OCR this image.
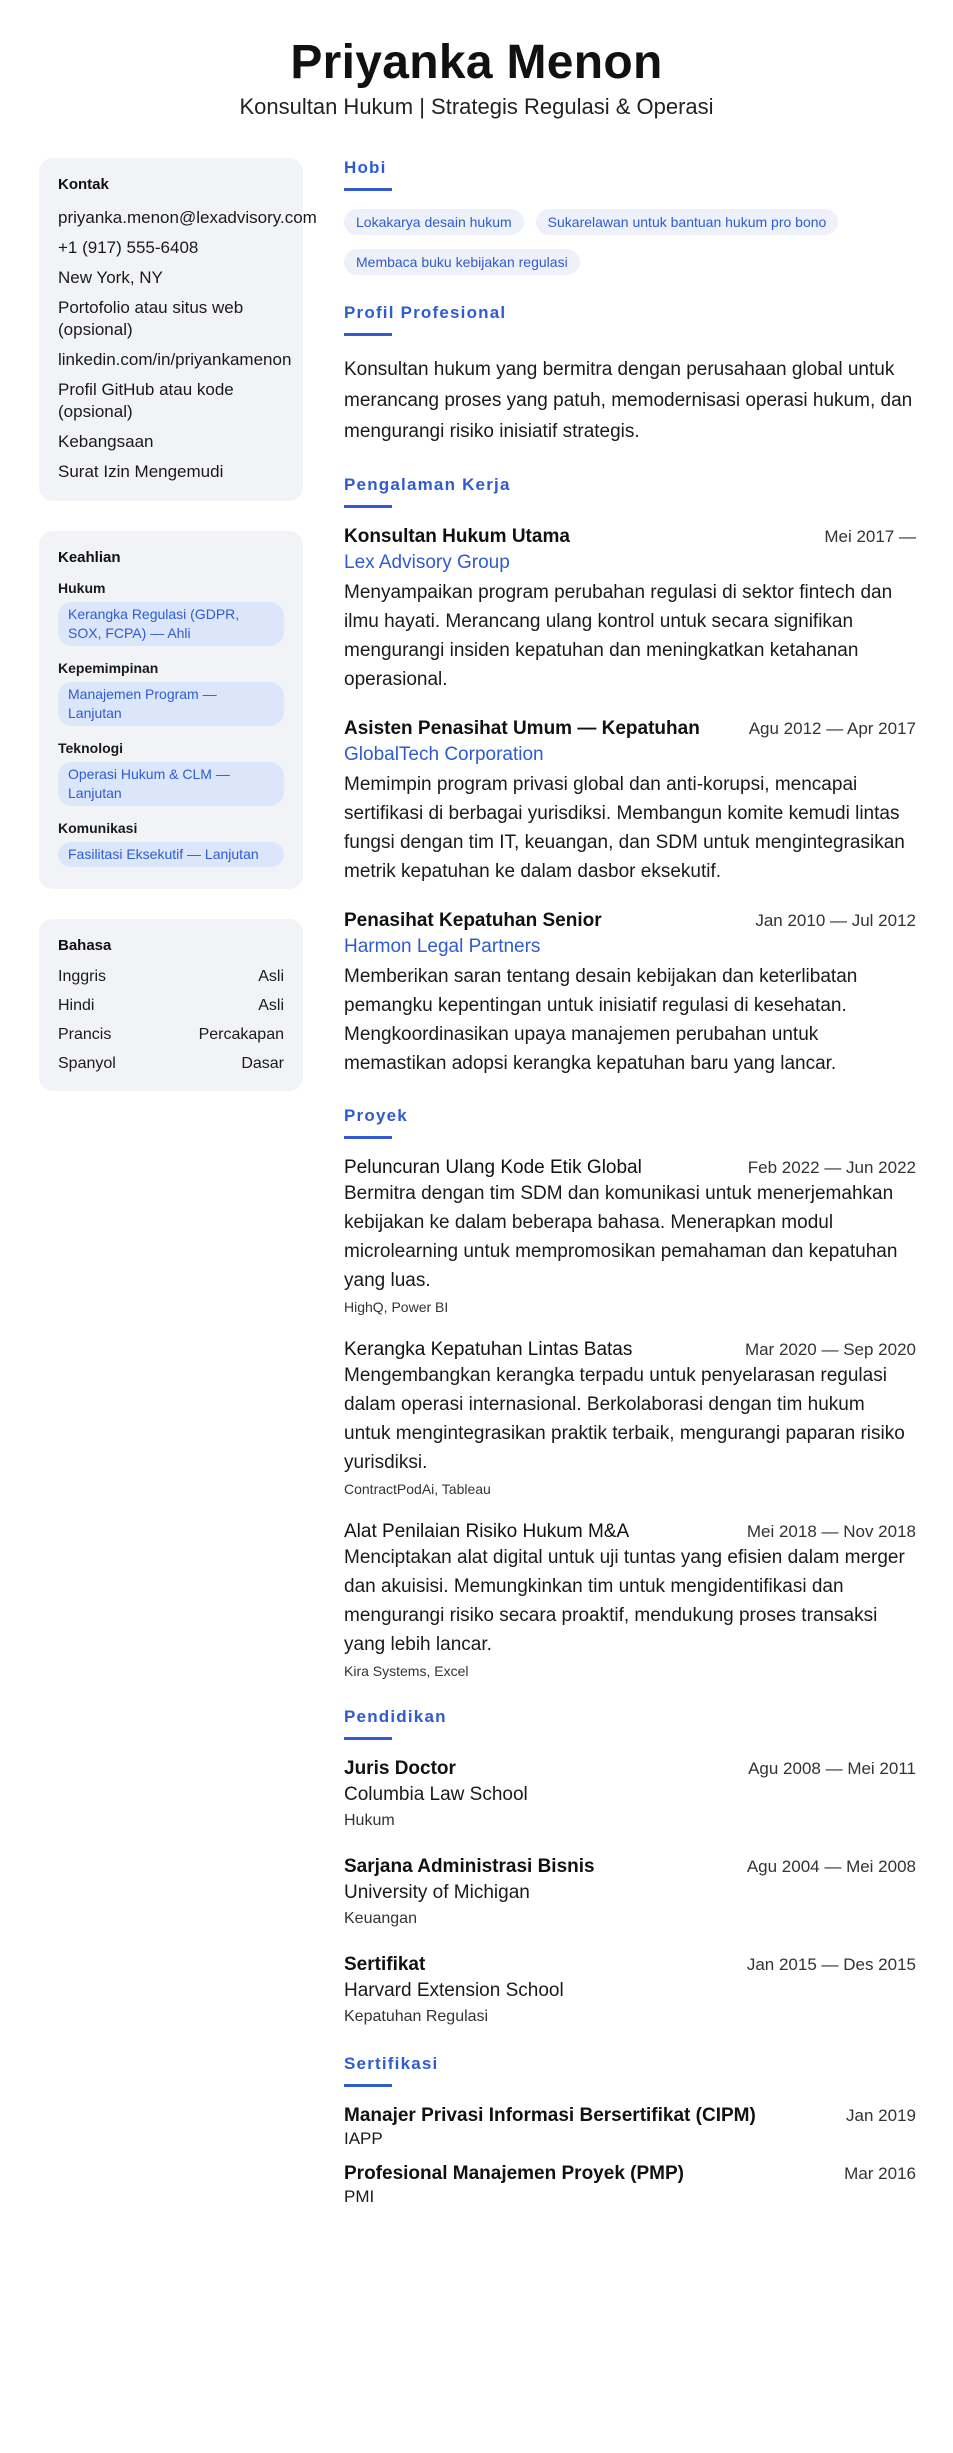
Priyanka Menon
Konsultan Hukum | Strategis Regulasi & Operasi
Kontak
priyanka.menon@lexadvisory.com
+1 (917) 555-6408
New York, NY
Portofolio atau situs web (opsional)
linkedin.com/in/priyankamenon
Profil GitHub atau kode (opsional)
Kebangsaan
Surat Izin Mengemudi
Keahlian
Hukum
Kerangka Regulasi (GDPR, SOX, FCPA) — Ahli
Kepemimpinan
Manajemen Program — Lanjutan
Teknologi
Operasi Hukum & CLM — Lanjutan
Komunikasi
Fasilitasi Eksekutif — Lanjutan
Bahasa
Inggris	Asli
Hindi	Asli
Prancis	Percakapan
Spanyol	Dasar
Hobi
Lokakarya desain hukum	Sukarelawan untuk bantuan hukum pro bono
Membaca buku kebijakan regulasi
Profil Profesional

Konsultan hukum yang bermitra dengan perusahaan global untuk merancang proses yang patuh, memodernisasi operasi hukum, dan mengurangi risiko inisiatif strategis.

Pengalaman Kerja
Konsultan Hukum Utama	Mei 2017 —
Lex Advisory Group

Menyampaikan program perubahan regulasi di sektor fintech dan ilmu hayati. Merancang ulang kontrol untuk secara signifikan mengurangi insiden kepatuhan dan meningkatkan ketahanan operasional.

Asisten Penasihat Umum — Kepatuhan	Agu 2012 — Apr 2017
GlobalTech Corporation

Memimpin program privasi global dan anti-korupsi, mencapai sertifikasi di berbagai yurisdiksi. Membangun komite kemudi lintas fungsi dengan tim IT, keuangan, dan SDM untuk mengintegrasikan metrik kepatuhan ke dalam dasbor eksekutif.

Penasihat Kepatuhan Senior	Jan 2010 — Jul 2012
Harmon Legal Partners

Memberikan saran tentang desain kebijakan dan keterlibatan pemangku kepentingan untuk inisiatif regulasi di kesehatan. Mengkoordinasikan upaya manajemen perubahan untuk memastikan adopsi kerangka kepatuhan baru yang lancar.

Proyek
Peluncuran Ulang Kode Etik Global	Feb 2022 — Jun 2022

Bermitra dengan tim SDM dan komunikasi untuk menerjemahkan kebijakan ke dalam beberapa bahasa. Menerapkan modul microlearning untuk mempromosikan pemahaman dan kepatuhan yang luas.

HighQ, Power BI
Kerangka Kepatuhan Lintas Batas	Mar 2020 — Sep 2020

Mengembangkan kerangka terpadu untuk penyelarasan regulasi dalam operasi internasional. Berkolaborasi dengan tim hukum untuk mengintegrasikan praktik terbaik, mengurangi paparan risiko yurisdiksi.

ContractPodAi, Tableau
Alat Penilaian Risiko Hukum M&A	Mei 2018 — Nov 2018

Menciptakan alat digital untuk uji tuntas yang efisien dalam merger dan akuisisi. Memungkinkan tim untuk mengidentifikasi dan mengurangi risiko secara proaktif, mendukung proses transaksi yang lebih lancar.

Kira Systems, Excel
Pendidikan
Juris Doctor	Agu 2008 — Mei 2011
Columbia Law School
Hukum
Sarjana Administrasi Bisnis	Agu 2004 — Mei 2008
University of Michigan
Keuangan
Sertifikat	Jan 2015 — Des 2015
Harvard Extension School
Kepatuhan Regulasi
Sertifikasi
Manajer Privasi Informasi Bersertifikat (CIPM)	Jan 2019
IAPP
Profesional Manajemen Proyek (PMP)	Mar 2016
PMI
